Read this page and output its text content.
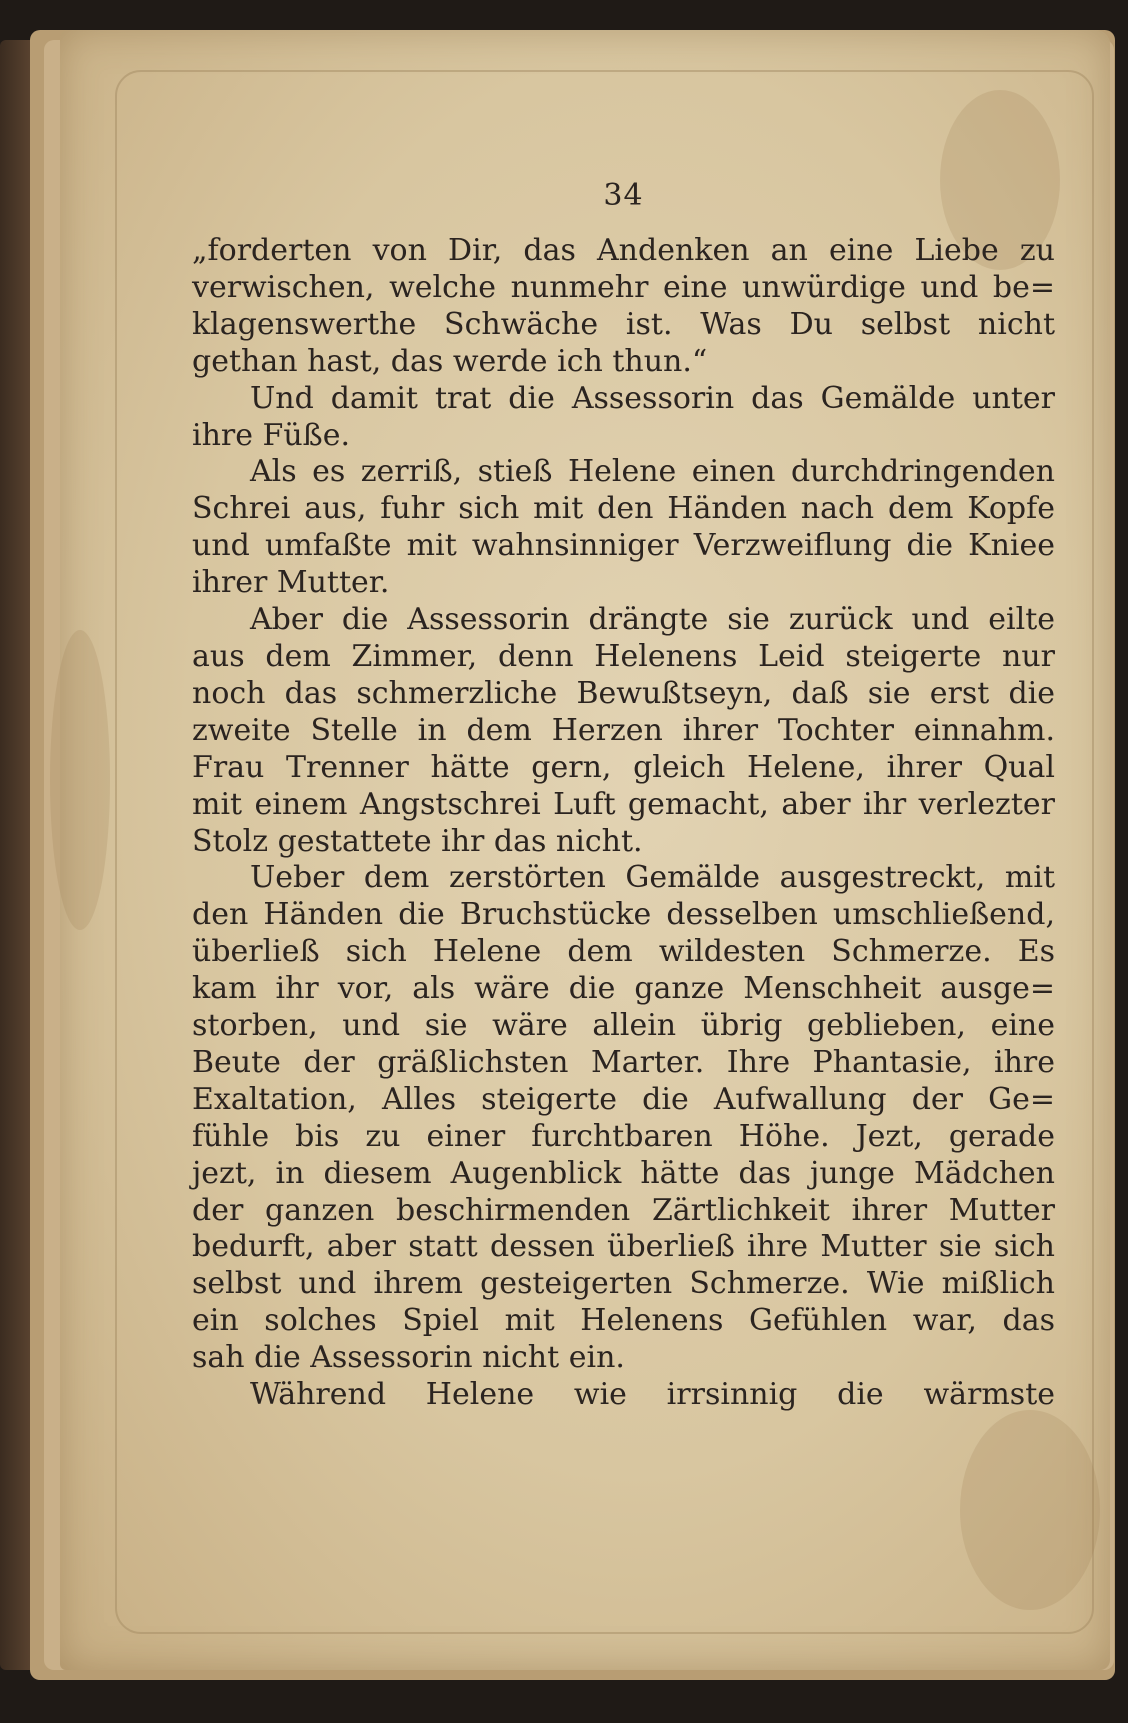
34

„forderten von Dir, das Andenken an eine Liebe zu

verwischen, welche nunmehr eine unwürdige und be=

klagenswerthe Schwäche ist. Was Du selbst nicht

gethan hast, das werde ich thun.“

Und damit trat die Assessorin das Gemälde unter

ihre Füße.

Als es zerriß, stieß Helene einen durchdringenden

Schrei aus, fuhr sich mit den Händen nach dem Kopfe

und umfaßte mit wahnsinniger Verzweiflung die Kniee

ihrer Mutter.

Aber die Assessorin drängte sie zurück und eilte

aus dem Zimmer, denn Helenens Leid steigerte nur

noch das schmerzliche Bewußtseyn, daß sie erst die

zweite Stelle in dem Herzen ihrer Tochter einnahm.

Frau Trenner hätte gern, gleich Helene, ihrer Qual

mit einem Angstschrei Luft gemacht, aber ihr verlezter

Stolz gestattete ihr das nicht.

Ueber dem zerstörten Gemälde ausgestreckt, mit

den Händen die Bruchstücke desselben umschließend,

überließ sich Helene dem wildesten Schmerze. Es

kam ihr vor, als wäre die ganze Menschheit ausge=

storben, und sie wäre allein übrig geblieben, eine

Beute der gräßlichsten Marter. Ihre Phantasie, ihre

Exaltation, Alles steigerte die Aufwallung der Ge=

fühle bis zu einer furchtbaren Höhe. Jezt, gerade

jezt, in diesem Augenblick hätte das junge Mädchen

der ganzen beschirmenden Zärtlichkeit ihrer Mutter

bedurft, aber statt dessen überließ ihre Mutter sie sich

selbst und ihrem gesteigerten Schmerze. Wie mißlich

ein solches Spiel mit Helenens Gefühlen war, das

sah die Assessorin nicht ein.

Während Helene wie irrsinnig die wärmste
